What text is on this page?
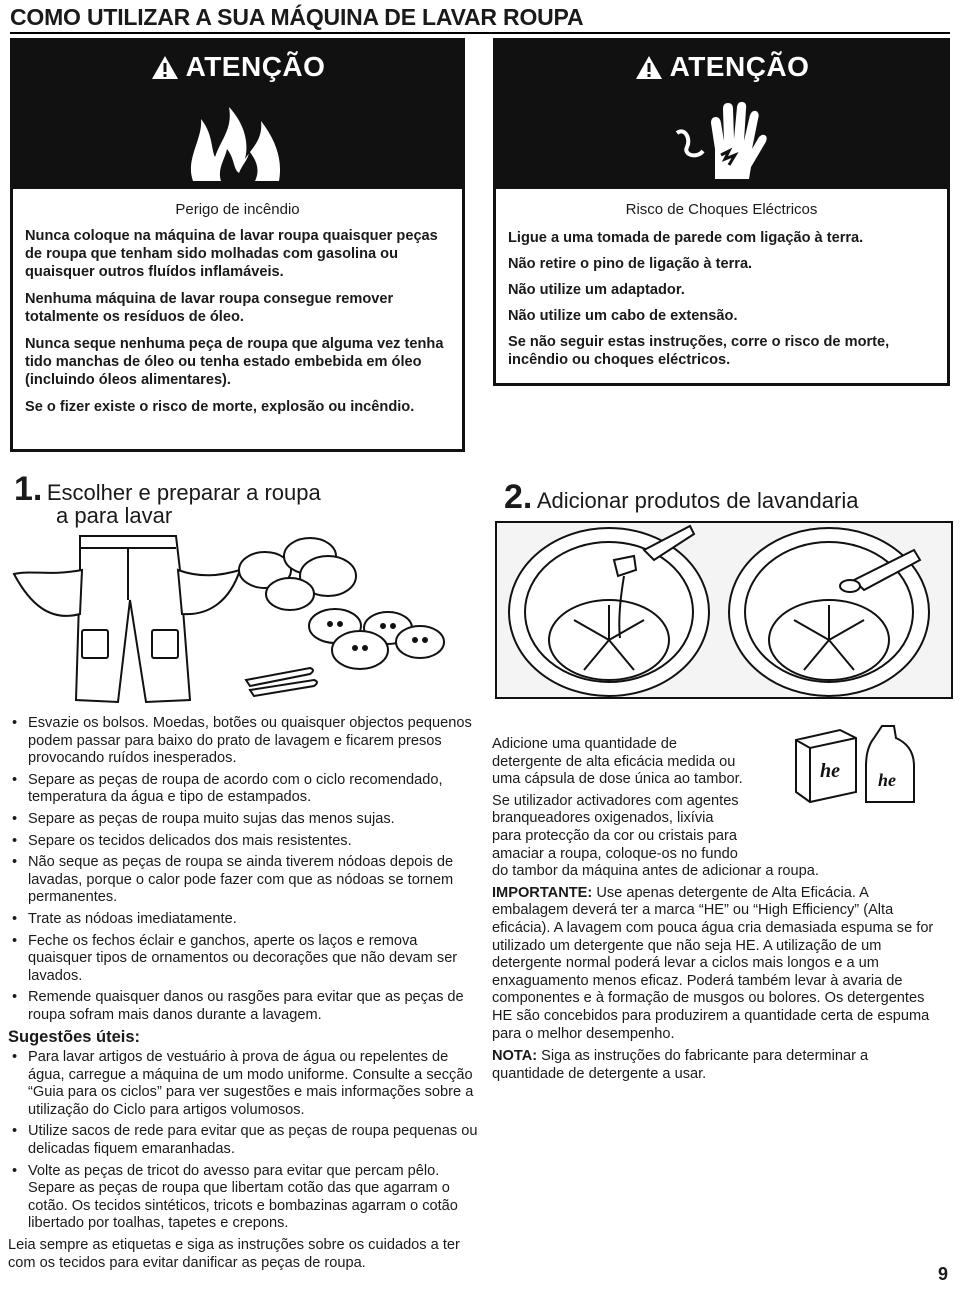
COMO UTILIZAR A SUA MÁQUINA DE LAVAR ROUPA
ATENÇÃO
Perigo de incêndio

Nunca coloque na máquina de lavar roupa quaisquer peças de roupa que tenham sido molhadas com gasolina ou quaisquer outros fluídos inflamáveis.

Nenhuma máquina de lavar roupa consegue remover totalmente os resíduos de óleo.

Nunca seque nenhuma peça de roupa que alguma vez tenha tido manchas de óleo ou tenha estado embebida em óleo (incluindo óleos alimentares).

Se o fizer existe o risco de morte, explosão ou incêndio.

ATENÇÃO
Risco de Choques Eléctricos

Ligue a uma tomada de parede com ligação à terra.

Não retire o pino de ligação à terra.

Não utilize um adaptador.

Não utilize um cabo de extensão.

Se não seguir estas instruções, corre o risco de morte, incêndio ou choques eléctricos.

1. Escolher e preparar a roupa
a para lavar	2. Adicionar produtos de lavandaria
he he
• Esvazie os bolsos. Moedas, botões ou quaisquer objectos pequenos podem passar para baixo do prato de lavagem e ficarem presos provocando ruídos inesperados.
• Separe as peças de roupa de acordo com o ciclo recomendado, temperatura da água e tipo de estampados.
• Separe as peças de roupa muito sujas das menos sujas.
• Separe os tecidos delicados dos mais resistentes.
• Não seque as peças de roupa se ainda tiverem nódoas depois de lavadas, porque o calor pode fazer com que as nódoas se tornem permanentes.
• Trate as nódoas imediatamente.
• Feche os fechos éclair e ganchos, aperte os laços e remova quaisquer tipos de ornamentos ou decorações que não devam ser lavados.
• Remende quaisquer danos ou rasgões para evitar que as peças de roupa sofram mais danos durante a lavagem.
Sugestões úteis:
• Para lavar artigos de vestuário à prova de água ou repelentes de água, carregue a máquina de um modo uniforme. Consulte a secção “Guia para os ciclos” para ver sugestões e mais informações sobre a utilização do Ciclo para artigos volumosos.
• Utilize sacos de rede para evitar que as peças de roupa pequenas ou delicadas fiquem emaranhadas.
• Volte as peças de tricot do avesso para evitar que percam pêlo. Separe as peças de roupa que libertam cotão das que agarram o cotão. Os tecidos sintéticos, tricots e bombazinas agarram o cotão libertado por toalhas, tapetes e crepons.

Leia sempre as etiquetas e siga as instruções sobre os cuidados a ter com os tecidos para evitar danificar as peças de roupa.

Adicione uma quantidade de
detergente de alta eficácia medida ou
uma cápsula de dose única ao tambor.
Se utilizador activadores com agentes
branqueadores oxigenados, lixívia
para protecção da cor ou cristais para
amaciar a roupa, coloque-os no fundo
do tambor da máquina antes de adicionar a roupa.

IMPORTANTE: Use apenas detergente de Alta Eficácia. A embalagem deverá ter a marca “HE” ou “High Efficiency” (Alta eficácia). A lavagem com pouca água cria demasiada espuma se for utilizado um detergente que não seja HE. A utilização de um detergente normal poderá levar a ciclos mais longos e a um enxaguamento menos eficaz. Poderá também levar à avaria de componentes e à formação de musgos ou bolores. Os detergentes HE são concebidos para produzirem a quantidade certa de espuma para o melhor desempenho.

NOTA: Siga as instruções do fabricante para determinar a quantidade de detergente a usar.

9
